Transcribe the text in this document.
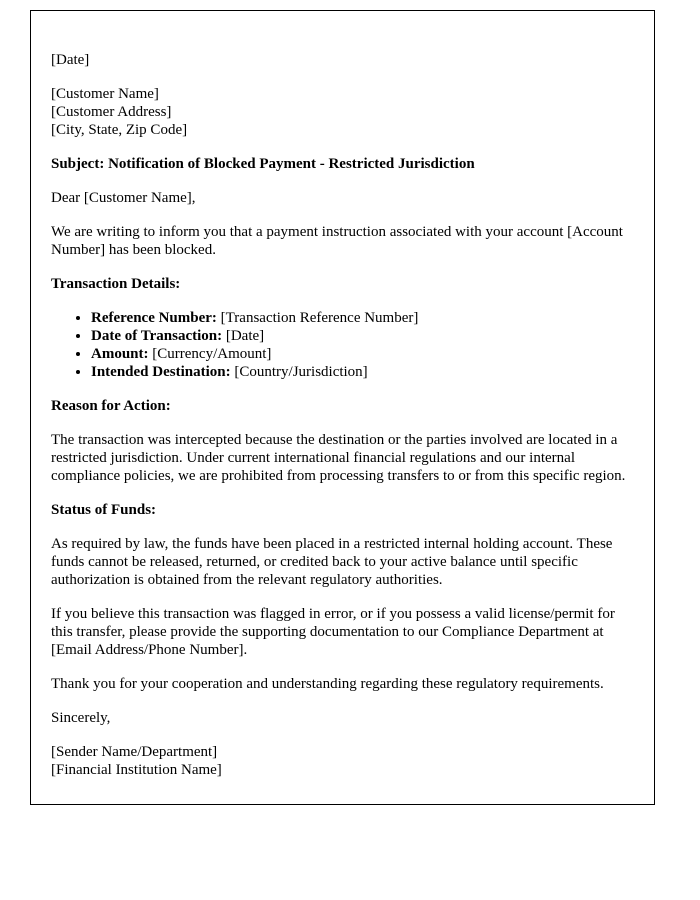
[Date]

[Customer Name]
[Customer Address]
[City, State, Zip Code]

Subject: Notification of Blocked Payment - Restricted Jurisdiction

Dear [Customer Name],

We are writing to inform you that a payment instruction associated with your account [Account Number] has been blocked.

Transaction Details:

• Reference Number: [Transaction Reference Number]
• Date of Transaction: [Date]
• Amount: [Currency/Amount]
• Intended Destination: [Country/Jurisdiction]

Reason for Action:

The transaction was intercepted because the destination or the parties involved are located in a restricted jurisdiction. Under current international financial regulations and our internal compliance policies, we are prohibited from processing transfers to or from this specific region.

Status of Funds:

As required by law, the funds have been placed in a restricted internal holding account. These funds cannot be released, returned, or credited back to your active balance until specific authorization is obtained from the relevant regulatory authorities.

If you believe this transaction was flagged in error, or if you possess a valid license/permit for this transfer, please provide the supporting documentation to our Compliance Department at [Email Address/Phone Number].

Thank you for your cooperation and understanding regarding these regulatory requirements.

Sincerely,

[Sender Name/Department]
[Financial Institution Name]
